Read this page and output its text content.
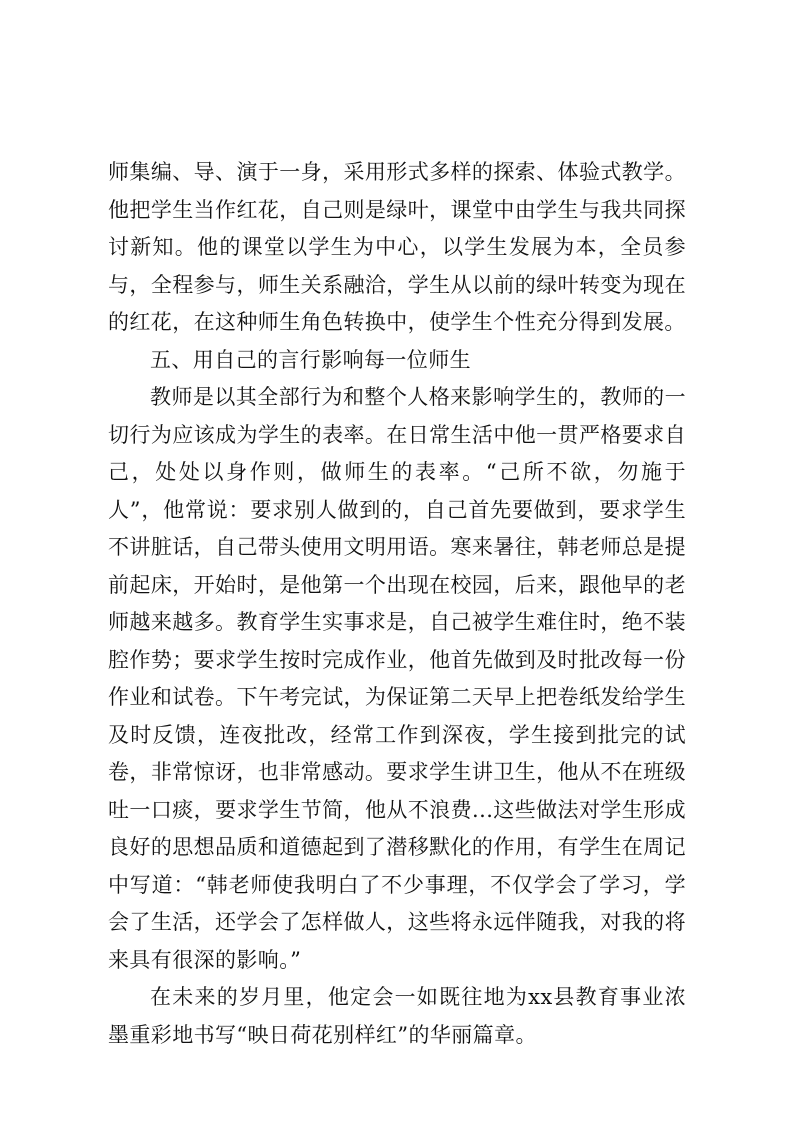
师集编、导、演于一身，采用形式多样的探索、体验式教学。他把学生当作红花，自己则是绿叶，课堂中由学生与我共同探讨新知。他的课堂以学生为中心，以学生发展为本，全员参与，全程参与，师生关系融洽，学生从以前的绿叶转变为现在的红花，在这种师生角色转换中，使学生个性充分得到发展。

五、用自己的言行影响每一位师生

教师是以其全部行为和整个人格来影响学生的，教师的一切行为应该成为学生的表率。在日常生活中他一贯严格要求自己，处处以身作则，做师生的表率。“己所不欲，勿施于人”，他常说：要求别人做到的，自己首先要做到，要求学生不讲脏话，自己带头使用文明用语。寒来暑往，韩老师总是提前起床，开始时，是他第一个出现在校园，后来，跟他早的老师越来越多。教育学生实事求是，自己被学生难住时，绝不装腔作势；要求学生按时完成作业，他首先做到及时批改每一份作业和试卷。下午考完试，为保证第二天早上把卷纸发给学生及时反馈，连夜批改，经常工作到深夜，学生接到批完的试卷，非常惊讶，也非常感动。要求学生讲卫生，他从不在班级吐一口痰，要求学生节简，他从不浪费...这些做法对学生形成良好的思想品质和道德起到了潜移默化的作用，有学生在周记中写道：“韩老师使我明白了不少事理，不仅学会了学习，学会了生活，还学会了怎样做人，这些将永远伴随我，对我的将来具有很深的影响。”

在未来的岁月里，他定会一如既往地为xx县教育事业浓墨重彩地书写“映日荷花别样红”的华丽篇章。
